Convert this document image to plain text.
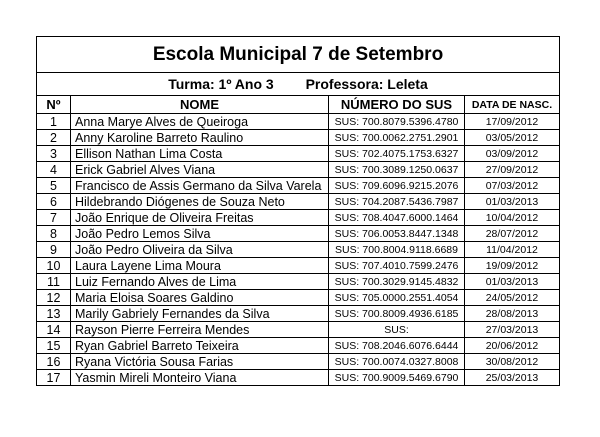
Escola Municipal 7 de Setembro			
Turma: 1º Ano 3 Professora: Leleta			
Nº	NOME	NÚMERO DO SUS	DATA DE NASC.
1	Anna Marye Alves de Queiroga	SUS: 700.8079.5396.4780	17/09/2012
2	Anny Karoline Barreto Raulino	SUS: 700.0062.2751.2901	03/05/2012
3	Ellison Nathan Lima Costa	SUS: 702.4075.1753.6327	03/09/2012
4	Erick Gabriel Alves Viana	SUS: 700.3089.1250.0637	27/09/2012
5	Francisco de Assis Germano da Silva Varela	SUS: 709.6096.9215.2076	07/03/2012
6	Hildebrando Diógenes de Souza Neto	SUS: 704.2087.5436.7987	01/03/2013
7	João Enrique de Oliveira Freitas	SUS: 708.4047.6000.1464	10/04/2012
8	João Pedro Lemos Silva	SUS: 706.0053.8447.1348	28/07/2012
9	João Pedro Oliveira da Silva	SUS: 700.8004.9118.6689	11/04/2012
10	Laura Layene Lima Moura	SUS: 707.4010.7599.2476	19/09/2012
11	Luiz Fernando Alves de Lima	SUS: 700.3029.9145.4832	01/03/2013
12	Maria Eloisa Soares Galdino	SUS: 705.0000.2551.4054	24/05/2012
13	Marily Gabriely Fernandes da Silva	SUS: 700.8009.4936.6185	28/08/2013
14	Rayson Pierre Ferreira Mendes	SUS:	27/03/2013
15	Ryan Gabriel Barreto Teixeira	SUS: 708.2046.6076.6444	20/06/2012
16	Ryana Victória Sousa Farias	SUS: 700.0074.0327.8008	30/08/2012
17	Yasmin Mireli Monteiro Viana	SUS: 700.9009.5469.6790	25/03/2013
